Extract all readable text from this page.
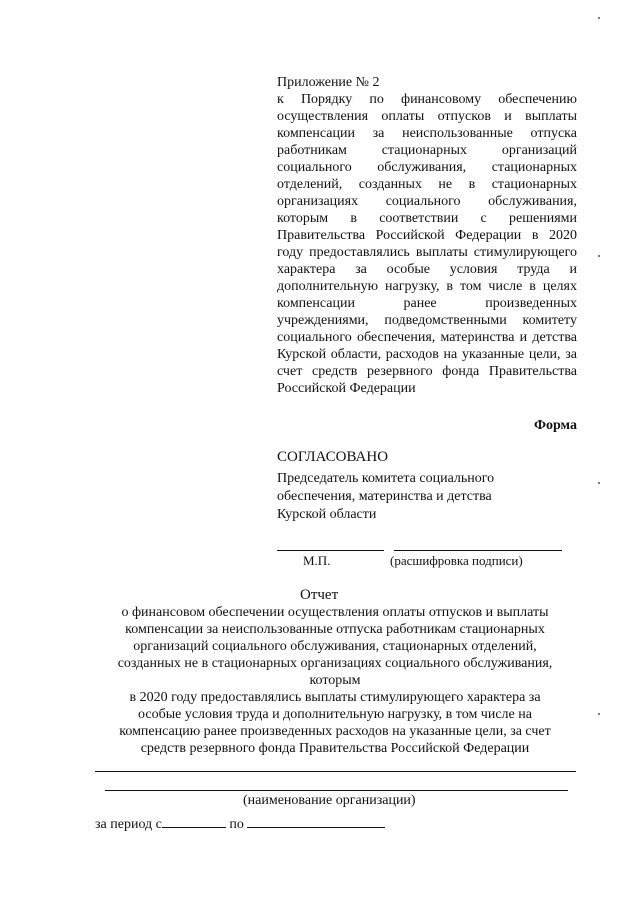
Приложение № 2
к Порядку по финансовому обеспечению осуществления оплаты отпусков и выплаты компенсации за неиспользованные отпуска работникам стационарных организаций социального обслуживания, стационарных отделений, созданных не в стационарных организациях социального обслуживания, которым в соответствии с решениями Правительства Российской Федерации в 2020 году предоставлялись выплаты стимулирующего характера за особые условия труда и дополнительную нагрузку, в том числе в целях компенсации ранее произведенных учреждениями, подведомственными комитету социального обеспечения, материнства и детства Курской области, расходов на указанные цели, за счет средств резервного фонда Правительства Российской Федерации
Форма
СОГЛАСОВАНО
Председатель комитета социального
обеспечения, материнства и детства
Курской области
М.П.	(расшифровка подписи)
Отчет
о финансовом обеспечении осуществления оплаты отпусков и выплаты
компенсации за неиспользованные отпуска работникам стационарных
организаций социального обслуживания, стационарных отделений,
созданных не в стационарных организациях социального обслуживания,
которым
в 2020 году предоставлялись выплаты стимулирующего характера за
особые условия труда и дополнительную нагрузку, в том числе на
компенсацию ранее произведенных расходов на указанные цели, за счет
средств резервного фонда Правительства Российской Федерации
(наименование организации)
за период с	по
